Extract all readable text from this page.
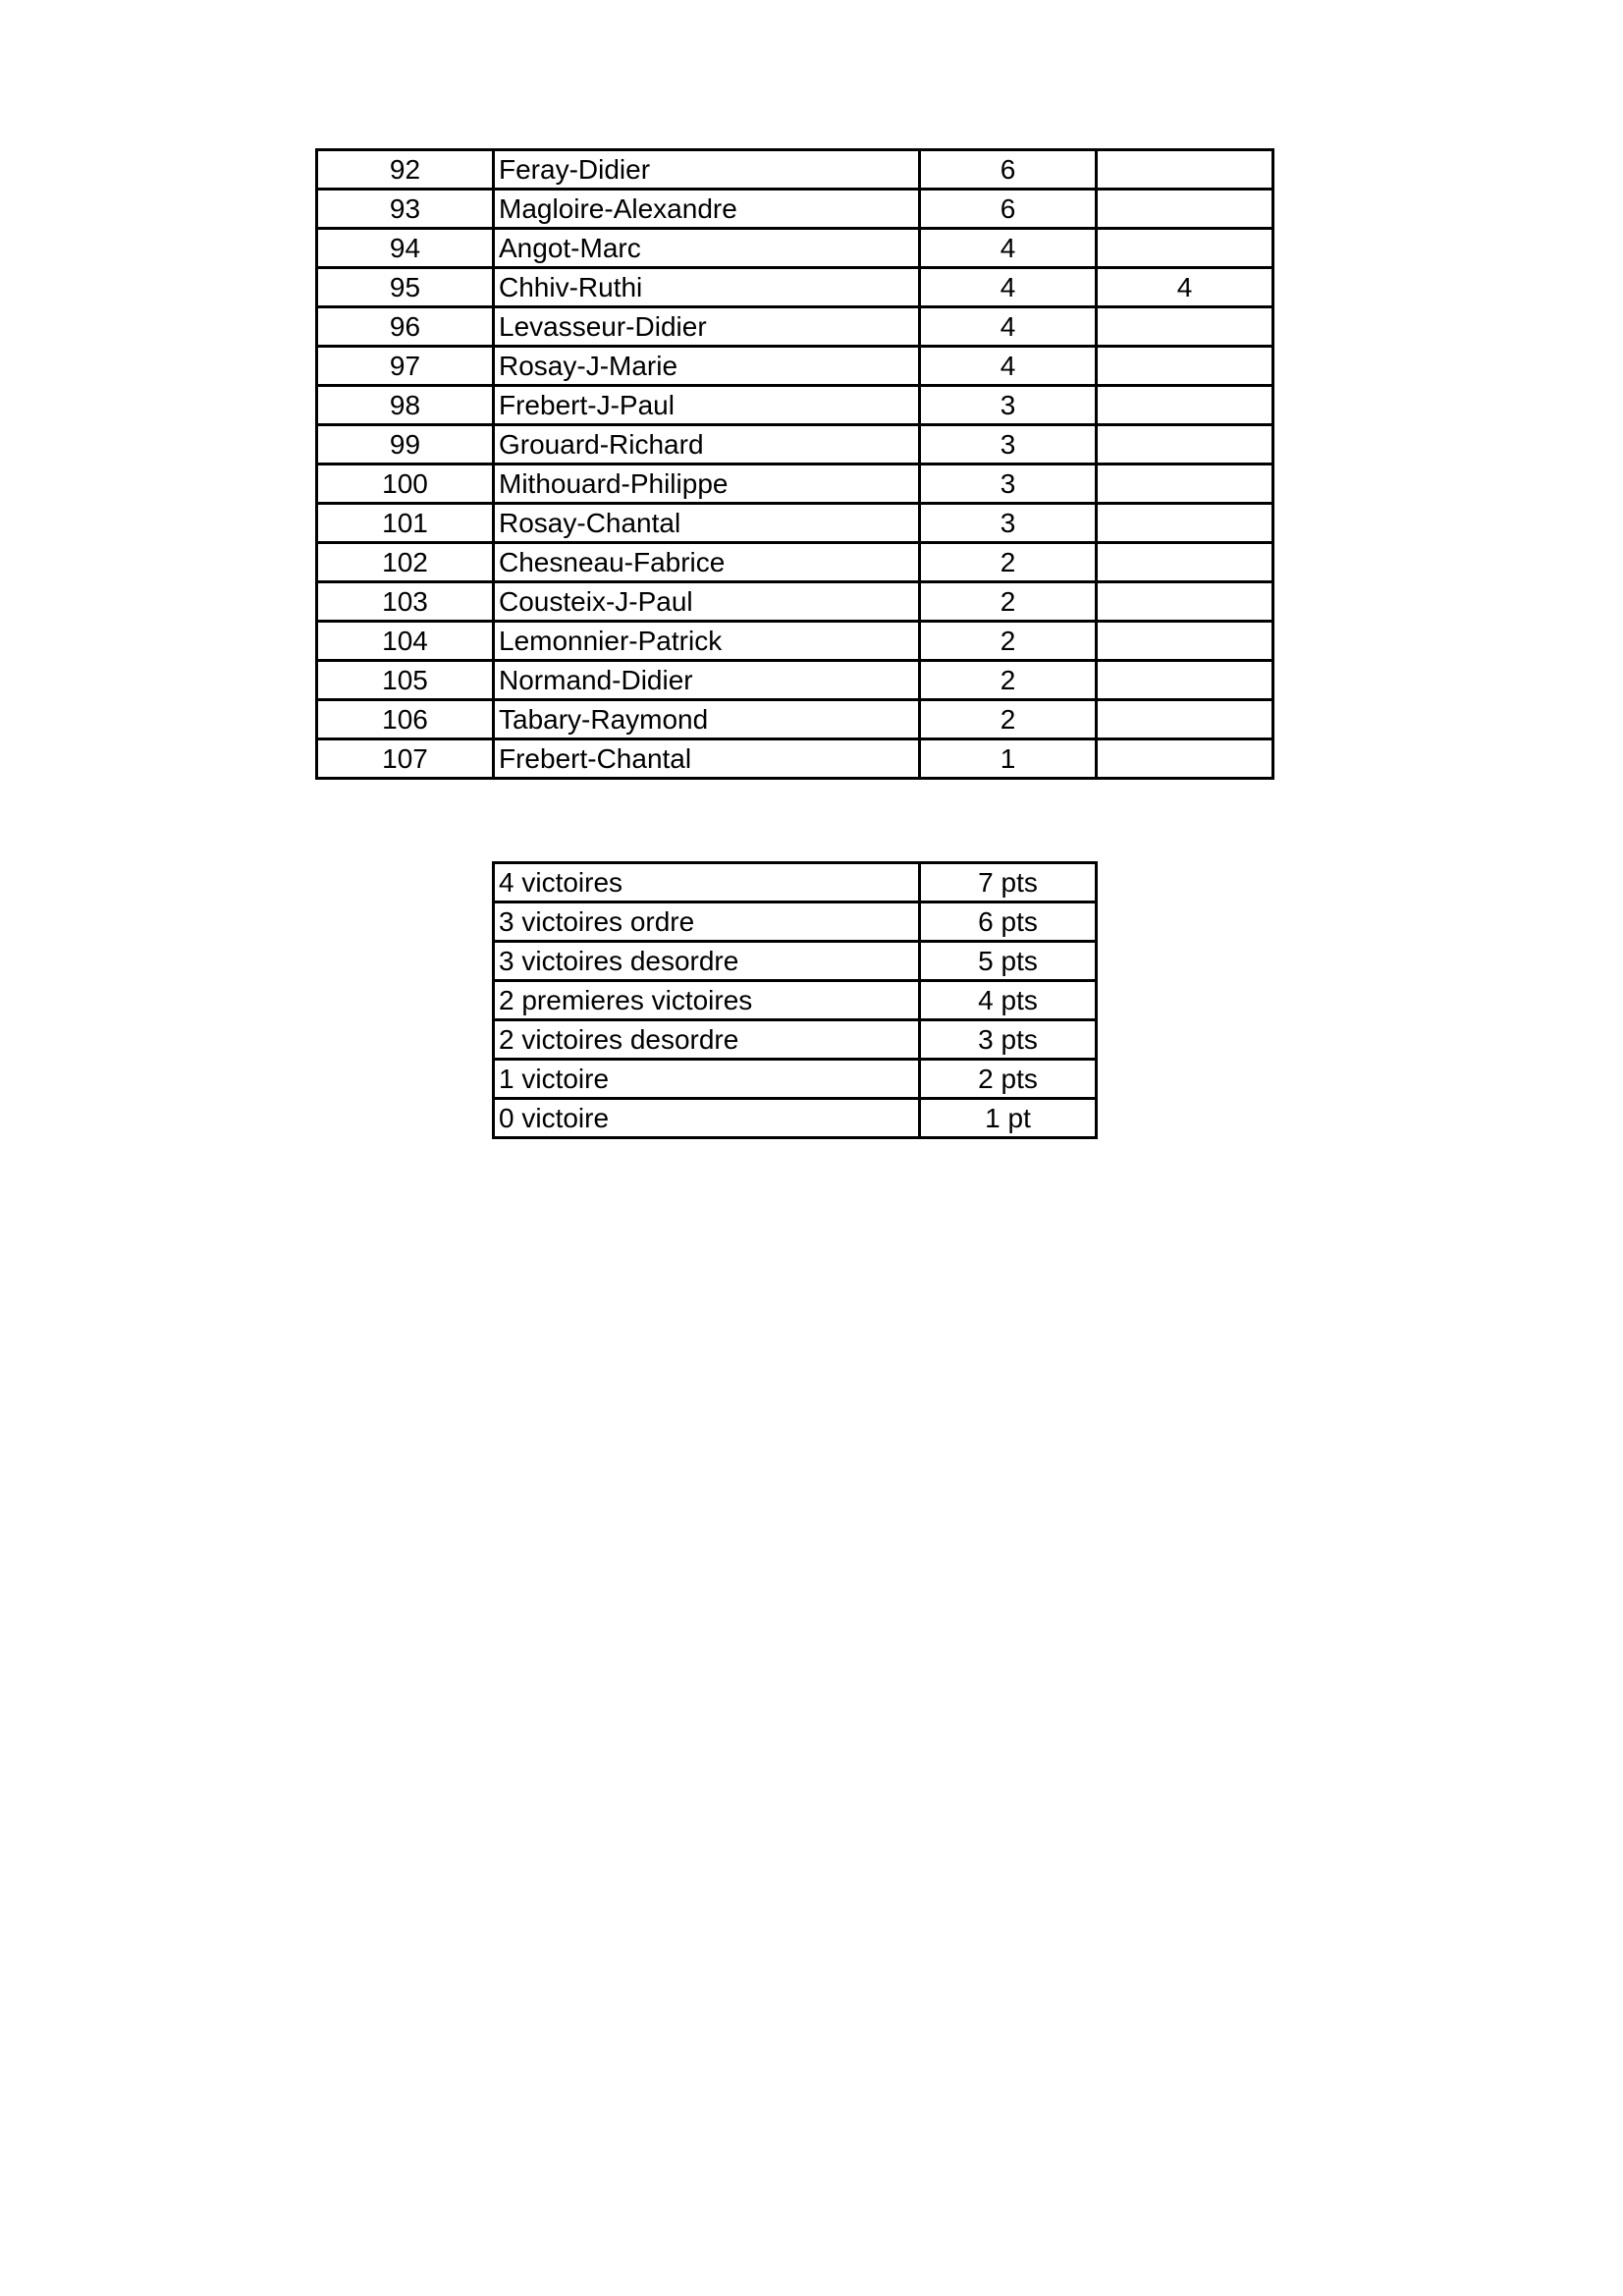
92	Feray-Didier	6	
93	Magloire-Alexandre	6	
94	Angot-Marc	4	
95	Chhiv-Ruthi	4	4
96	Levasseur-Didier	4	
97	Rosay-J-Marie	4	
98	Frebert-J-Paul	3	
99	Grouard-Richard	3	
100	Mithouard-Philippe	3	
101	Rosay-Chantal	3	
102	Chesneau-Fabrice	2	
103	Cousteix-J-Paul	2	
104	Lemonnier-Patrick	2	
105	Normand-Didier	2	
106	Tabary-Raymond	2	
107	Frebert-Chantal	1	
4 victoires	7 pts
3 victoires ordre	6 pts
3 victoires desordre	5 pts
2 premieres victoires	4 pts
2 victoires desordre	3 pts
1 victoire	2 pts
0 victoire	1 pt
